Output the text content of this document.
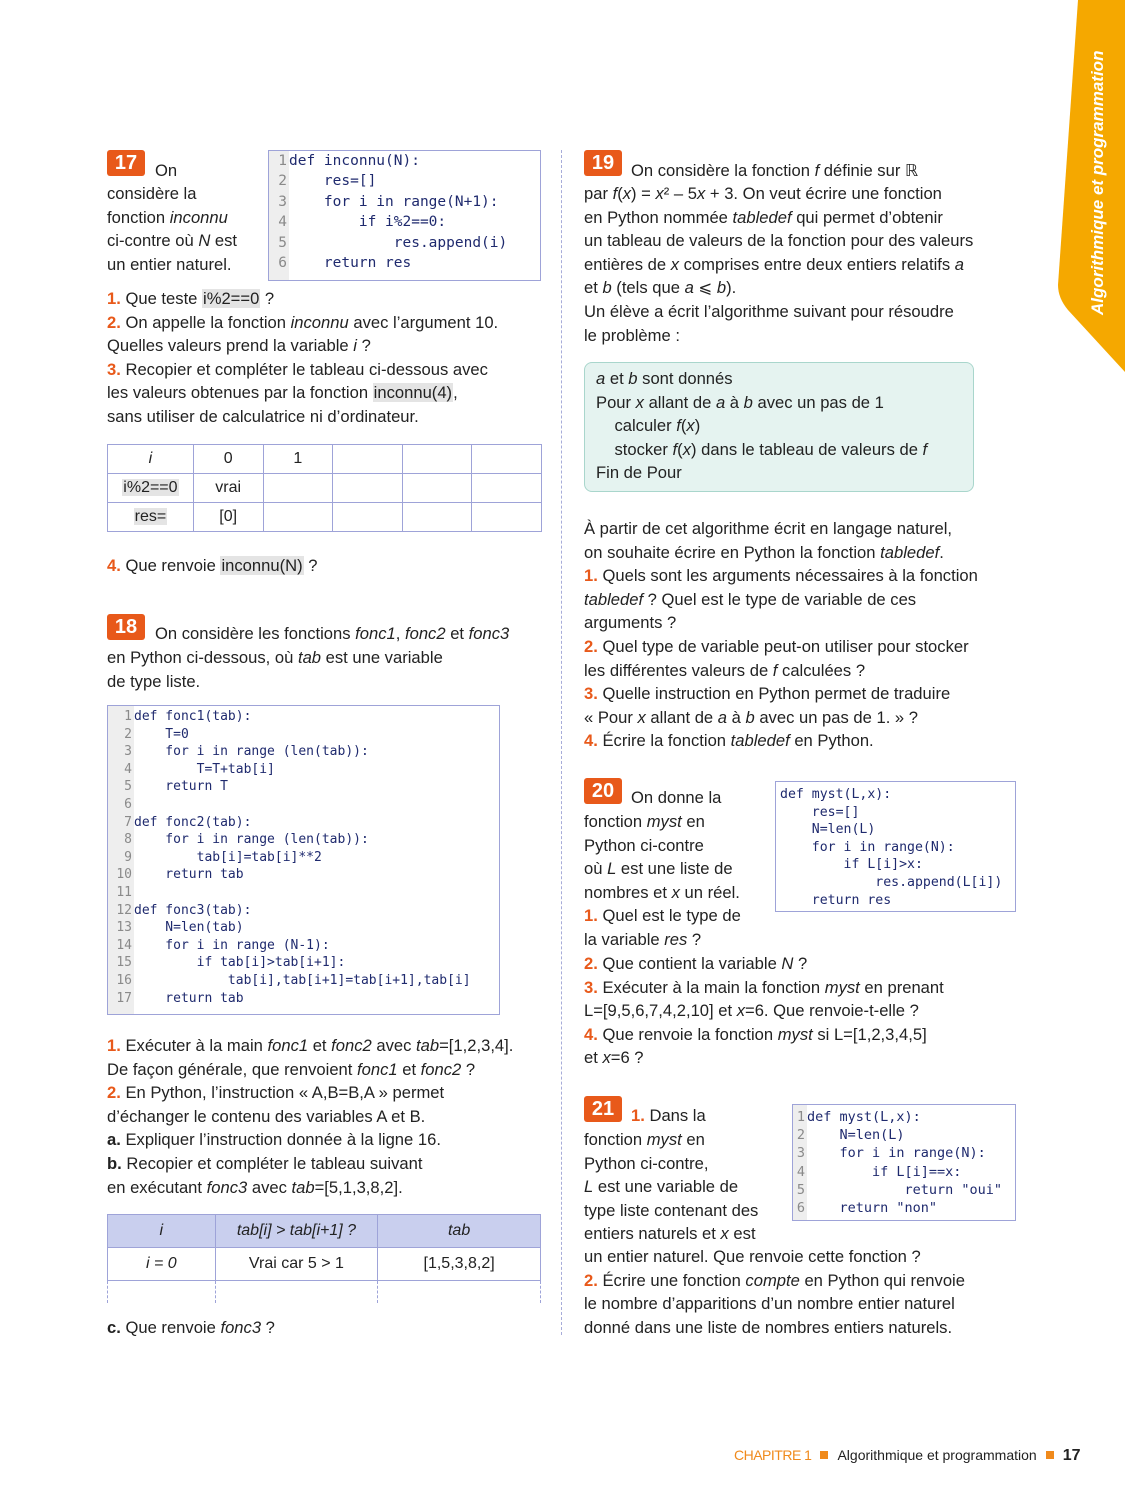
Algorithmique et programmation
17	On
considère la
fonction inconnu
ci-contre où N est
un entier naturel.
1 def inconnu(N):
2    res=[]
3    for i in range(N+1):
4        if i%2==0:
5            res.append(i)
6    return res
1. Que teste i%2==0 ?
2. On appelle la fonction inconnu avec l’argument 10.
Quelles valeurs prend la variable i ?
3. Recopier et compléter le tableau ci-dessous avec
les valeurs obtenues par la fonction inconnu(4),
sans utiliser de calculatrice ni d’ordinateur.
i	0	1			
i%2==0	vrai				
res=	[0]				
4. Que renvoie inconnu(N) ?
18	On considère les fonctions fonc1, fonc2 et fonc3
en Python ci-dessous, où tab est une variable
de type liste.
1 def fonc1(tab):
2    T=0
3    for i in range (len(tab)):
4        T=T+tab[i]
5    return T
6
7 def fonc2(tab):
8    for i in range (len(tab)):
9        tab[i]=tab[i]**2
10    return tab
11
12 def fonc3(tab):
13    N=len(tab)
14    for i in range (N-1):
15        if tab[i]>tab[i+1]:
16            tab[i],tab[i+1]=tab[i+1],tab[i]
17    return tab
1. Exécuter à la main fonc1 et fonc2 avec tab=[1,2,3,4].
De façon générale, que renvoient fonc1 et fonc2 ?
2. En Python, l’instruction « A,B=B,A » permet
d’échanger le contenu des variables A et B.
a. Expliquer l’instruction donnée à la ligne 16.
b. Recopier et compléter le tableau suivant
en exécutant fonc3 avec tab=[5,1,3,8,2].
i	tab[i] > tab[i+1] ?	tab
i = 0	Vrai car 5 > 1	[1,5,3,8,2]

c. Que renvoie fonc3 ?
19	On considère la fonction f définie sur ℝ
par f(x) = x² – 5x + 3. On veut écrire une fonction
en Python nommée tabledef qui permet d’obtenir
un tableau de valeurs de la fonction pour des valeurs
entières de x comprises entre deux entiers relatifs a
et b (tels que a ⩽ b).
Un élève a écrit l’algorithme suivant pour résoudre
le problème :
a et b sont donnés
Pour x allant de a à b avec un pas de 1
calculer f(x)
stocker f(x) dans le tableau de valeurs de f
Fin de Pour
À partir de cet algorithme écrit en langage naturel,
on souhaite écrire en Python la fonction tabledef.
1. Quels sont les arguments nécessaires à la fonction
tabledef ? Quel est le type de variable de ces
arguments ?
2. Quel type de variable peut-on utiliser pour stocker
les différentes valeurs de f calculées ?
3. Quelle instruction en Python permet de traduire
« Pour x allant de a à b avec un pas de 1. » ?
4. Écrire la fonction tabledef en Python.
20	On donne la
fonction myst en
Python ci-contre
où L est une liste de
nombres et x un réel.
1. Quel est le type de
la variable res ?
def myst(L,x):
res=[]
N=len(L)
for i in range(N):
if L[i]>x:
res.append(L[i])
return res
2. Que contient la variable N ?
3. Exécuter à la main la fonction myst en prenant
L=[9,5,6,7,4,2,10] et x=6. Que renvoie-t-elle ?
4. Que renvoie la fonction myst si L=[1,2,3,4,5]
et x=6 ?
21	1. Dans la
fonction myst en
Python ci-contre,
L est une variable de
type liste contenant des
entiers naturels et x est
1 def myst(L,x):
2    N=len(L)
3    for i in range(N):
4        if L[i]==x:
5            return "oui"
6    return "non"
un entier naturel. Que renvoie cette fonction ?
2. Écrire une fonction compte en Python qui renvoie
le nombre d’apparitions d’un nombre entier naturel
donné dans une liste de nombres entiers naturels.
CHAPITRE 1 Algorithmique et programmation 17
